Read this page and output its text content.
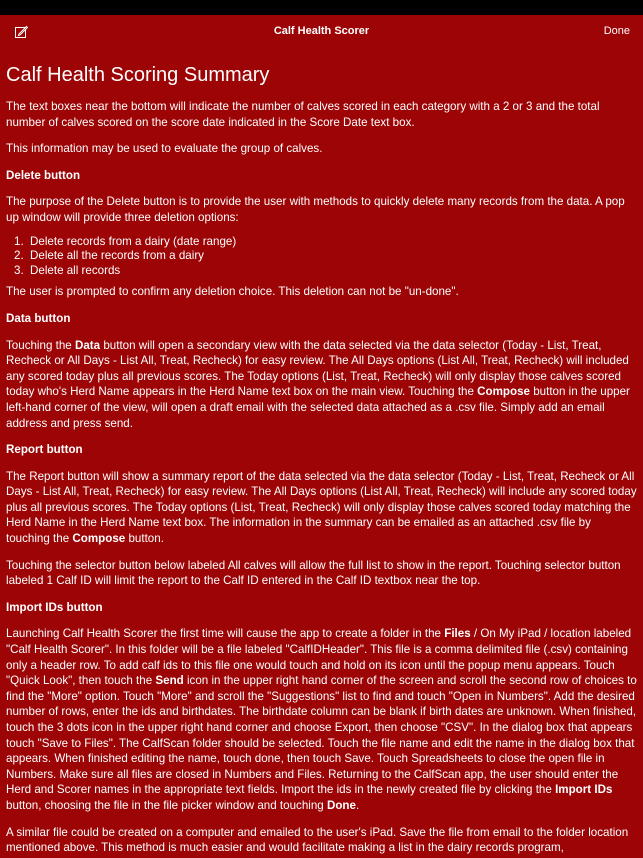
Calf Health Scorer	Done
Calf Health Scoring Summary

The text boxes near the bottom will indicate the number of calves scored in each category with a 2 or 3 and the total number of calves scored on the score date indicated in the Score Date text box.

This information may be used to evaluate the group of calves.

Delete button

The purpose of the Delete button is to provide the user with methods to quickly delete many records from the data. A pop up window will provide three deletion options:

1. Delete records from a dairy (date range)
2. Delete all the records from a dairy
3. Delete all records

The user is prompted to confirm any deletion choice. This deletion can not be "un-done".

Data button

Touching the Data button will open a secondary view with the data selected via the data selector (Today - List, Treat, Recheck or All Days - List All, Treat, Recheck) for easy review. The All Days options (List All, Treat, Recheck) will included any scored today plus all previous scores. The Today options (List, Treat, Recheck) will only display those calves scored today who's Herd Name appears in the Herd Name text box on the main view. Touching the Compose button in the upper left-hand corner of the view, will open a draft email with the selected data attached as a .csv file. Simply add an email address and press send.

Report button

The Report button will show a summary report of the data selected via the data selector (Today - List, Treat, Recheck or All Days - List All, Treat, Recheck) for easy review. The All Days options (List All, Treat, Recheck) will include any scored today plus all previous scores. The Today options (List, Treat, Recheck) will only display those calves scored today matching the Herd Name in the Herd Name text box. The information in the summary can be emailed as an attached .csv file by touching the Compose button.

Touching the selector button below labeled All calves will allow the full list to show in the report. Touching selector button labeled 1 Calf ID will limit the report to the Calf ID entered in the Calf ID textbox near the top.

Import IDs button

Launching Calf Health Scorer the first time will cause the app to create a folder in the Files / On My iPad / location labeled "Calf Health Scorer". In this folder will be a file labeled "CalfIDHeader". This file is a comma delimited file (.csv) containing only a header row. To add calf ids to this file one would touch and hold on its icon until the popup menu appears. Touch "Quick Look", then touch the Send icon in the upper right hand corner of the screen and scroll the second row of choices to find the "More" option. Touch "More" and scroll the "Suggestions" list to find and touch "Open in Numbers". Add the desired number of rows, enter the ids and birthdates. The birthdate column can be blank if birth dates are unknown. When finished, touch the 3 dots icon in the upper right hand corner and choose Export, then choose "CSV". In the dialog box that appears touch "Save to Files". The CalfScan folder should be selected. Touch the file name and edit the name in the dialog box that appears. When finished editing the name, touch done, then touch Save. Touch Spreadsheets to close the open file in Numbers. Make sure all files are closed in Numbers and Files. Returning to the CalfScan app, the user should enter the Herd and Scorer names in the appropriate text fields. Import the ids in the newly created file by clicking the Import IDs button, choosing the file in the file picker window and touching Done.

A similar file could be created on a computer and emailed to the user's iPad. Save the file from email to the folder location mentioned above. This method is much easier and would facilitate making a list in the dairy records program,
